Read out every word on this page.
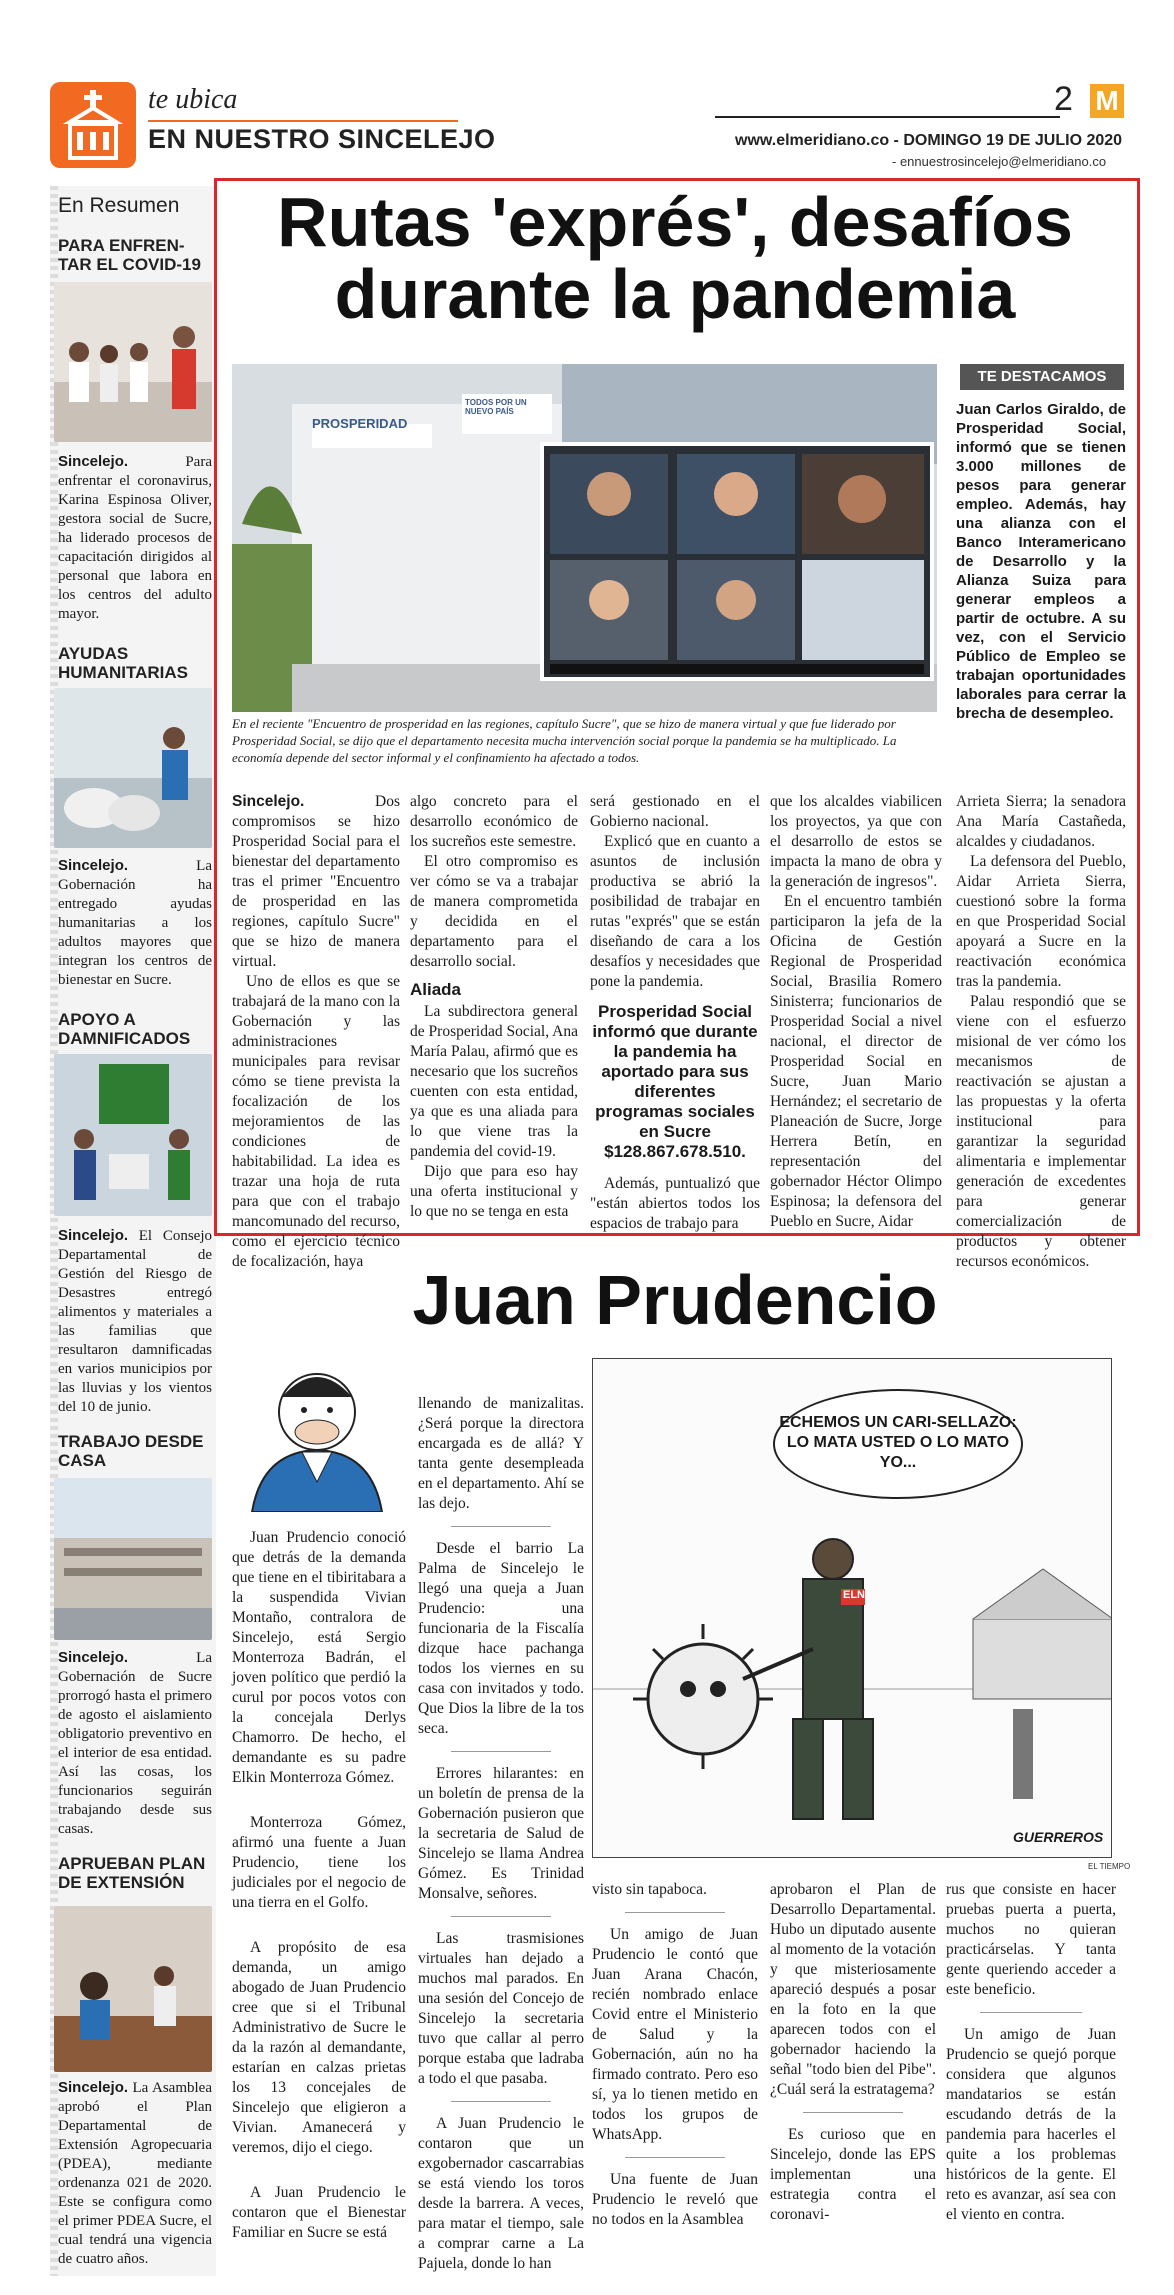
te ubica
EN NUESTRO SINCELEJO
2 M
www.elmeridiano.co - DOMINGO 19 DE JULIO 2020
- ennuestrosincelejo@elmeridiano.co
En Resumen
PARA ENFREN-TAR EL COVID-19
Sincelejo. Para enfrentar el coronavirus, Karina Espinosa Oliver, gestora social de Sucre, ha liderado procesos de capacitación dirigidos al personal que labora en los centros del adulto mayor.
AYUDAS HUMANITARIAS
Sincelejo. La Gobernación ha entregado ayudas humanitarias a los adultos mayores que integran los centros de bienestar en Sucre.
APOYO A DAMNIFICADOS
Sincelejo. El Consejo Departamental de Gestión del Riesgo de Desastres entregó alimentos y materiales a las familias que resultaron damnificadas en varios municipios por las lluvias y los vientos del 10 de junio.
TRABAJO DESDE CASA
Sincelejo. La Gobernación de Sucre prorrogó hasta el primero de agosto el aislamiento obligatorio preventivo en el interior de esa entidad. Así las cosas, los funcionarios seguirán trabajando desde sus casas.
APRUEBAN PLAN DE EXTENSIÓN
Sincelejo. La Asamblea aprobó el Plan Departamental de Extensión Agropecuaria (PDEA), mediante ordenanza 021 de 2020. Este se configura como el primer PDEA Sucre, el cual tendrá una vigencia de cuatro años.
Rutas 'exprés', desafíos durante la pandemia
PROSPERIDAD
TODOS POR UN NUEVO PAÍS
En el reciente "Encuentro de prosperidad en las regiones, capítulo Sucre", que se hizo de manera virtual y que fue liderado por Prosperidad Social, se dijo que el departamento necesita mucha intervención social porque la pandemia se ha multiplicado. La economía depende del sector informal y el confinamiento ha afectado a todos.
TE DESTACAMOS
Juan Carlos Giraldo, de Prosperidad Social, informó que se tienen 3.000 millones de pesos para generar empleo. Además, hay una alianza con el Banco Interamericano de Desarrollo y la Alianza Suiza para generar empleos a partir de octubre. A su vez, con el Servicio Público de Empleo se trabajan oportunidades laborales para cerrar la brecha de desempleo.

Sincelejo. Dos compromisos se hizo Prosperidad Social para el bienestar del departamento tras el primer "Encuentro de prosperidad en las regiones, capítulo Sucre" que se hizo de manera virtual.

Uno de ellos es que se trabajará de la mano con la Gobernación y las administraciones municipales para revisar cómo se tiene prevista la focalización de los mejoramientos de las condiciones de habitabilidad. La idea es trazar una hoja de ruta para que con el trabajo mancomunado del recurso, como el ejercicio técnico de focalización, haya

algo concreto para el desarrollo económico de los sucreños este semestre.

El otro compromiso es ver cómo se va a trabajar de manera comprometida y decidida en el departamento para el desarrollo social.

Aliada

La subdirectora general de Prosperidad Social, Ana María Palau, afirmó que es necesario que los sucreños cuenten con esta entidad, ya que es una aliada para lo que viene tras la pandemia del covid-19.

Dijo que para eso hay una oferta institucional y lo que no se tenga en esta

será gestionado en el Gobierno nacional.

Explicó que en cuanto a asuntos de inclusión productiva se abrió la posibilidad de trabajar en rutas "exprés" que se están diseñando de cara a los desafíos y necesidades que pone la pandemia.

Prosperidad Social informó que durante la pandemia ha aportado para sus diferentes programas sociales en Sucre $128.867.678.510.

Además, puntualizó que "están abiertos todos los espacios de trabajo para

que los alcaldes viabilicen los proyectos, ya que con el desarrollo de estos se impacta la mano de obra y la generación de ingresos".

En el encuentro también participaron la jefa de la Oficina de Gestión Regional de Prosperidad Social, Brasilia Romero Sinisterra; funcionarios de Prosperidad Social a nivel nacional, el director de Prosperidad Social en Sucre, Juan Mario Hernández; el secretario de Planeación de Sucre, Jorge Herrera Betín, en representación del gobernador Héctor Olimpo Espinosa; la defensora del Pueblo en Sucre, Aidar

Arrieta Sierra; la senadora Ana María Castañeda, alcaldes y ciudadanos.

La defensora del Pueblo, Aidar Arrieta Sierra, cuestionó sobre la forma en que Prosperidad Social apoyará a Sucre en la reactivación económica tras la pandemia.

Palau respondió que se viene con el esfuerzo misional de ver cómo los mecanismos de reactivación se ajustan a las propuestas y la oferta institucional para garantizar la seguridad alimentaria e implementar generación de excedentes para generar comercialización de productos y obtener recursos económicos.

Juan Prudencio

Juan Prudencio conoció que detrás de la demanda que tiene en el tibiritabara a la suspendida Vivian Montaño, contralora de Sincelejo, está Sergio Monterroza Badrán, el joven político que perdió la curul por pocos votos con la concejala Derlys Chamorro. De hecho, el demandante es su padre Elkin Monterroza Gómez.

Monterroza Gómez, afirmó una fuente a Juan Prudencio, tiene los judiciales por el negocio de una tierra en el Golfo.

A propósito de esa demanda, un amigo abogado de Juan Prudencio cree que si el Tribunal Administrativo de Sucre le da la razón al demandante, estarían en calzas prietas los 13 concejales de Sincelejo que eligieron a Vivian. Amanecerá y veremos, dijo el ciego.

A Juan Prudencio le contaron que el Bienestar Familiar en Sucre se está

llenando de manizalitas. ¿Será porque la directora encargada es de allá? Y tanta gente desempleada en el departamento. Ahí se las dejo.

Desde el barrio La Palma de Sincelejo le llegó una queja a Juan Prudencio: una funcionaria de la Fiscalía dizque hace pachanga todos los viernes en su casa con invitados y todo. Que Dios la libre de la tos seca.

Errores hilarantes: en un boletín de prensa de la Gobernación pusieron que la secretaria de Salud de Sincelejo se llama Andrea Gómez. Es Trinidad Monsalve, señores.

Las trasmisiones virtuales han dejado a muchos mal parados. En una sesión del Concejo de Sincelejo la secretaria tuvo que callar al perro porque estaba que ladraba a todo el que pasaba.

A Juan Prudencio le contaron que un exgobernador cascarrabias se está viendo los toros desde la barrera. A veces, para matar el tiempo, sale a comprar carne a La Pajuela, donde lo han

ECHEMOS UN CARI-SELLAZO: LO MATA USTED O LO MATO YO...
ELN
GUERREROS
EL TIEMPO

visto sin tapaboca.

Un amigo de Juan Prudencio le contó que Juan Arana Chacón, recién nombrado enlace Covid entre el Ministerio de Salud y la Gobernación, aún no ha firmado contrato. Pero eso sí, ya lo tienen metido en todos los grupos de WhatsApp.

Una fuente de Juan Prudencio le reveló que no todos en la Asamblea

aprobaron el Plan de Desarrollo Departamental. Hubo un diputado ausente al momento de la votación y que misteriosamente apareció después a posar en la foto en la que aparecen todos con el gobernador haciendo la señal "todo bien del Pibe". ¿Cuál será la estratagema?

Es curioso que en Sincelejo, donde las EPS implementan una estrategia contra el coronavi-

rus que consiste en hacer pruebas puerta a puerta, muchos no quieran practicárselas. Y tanta gente queriendo acceder a este beneficio.

Un amigo de Juan Prudencio se quejó porque considera que algunos mandatarios se están escudando detrás de la pandemia para hacerles el quite a los problemas históricos de la gente. El reto es avanzar, así sea con el viento en contra.
